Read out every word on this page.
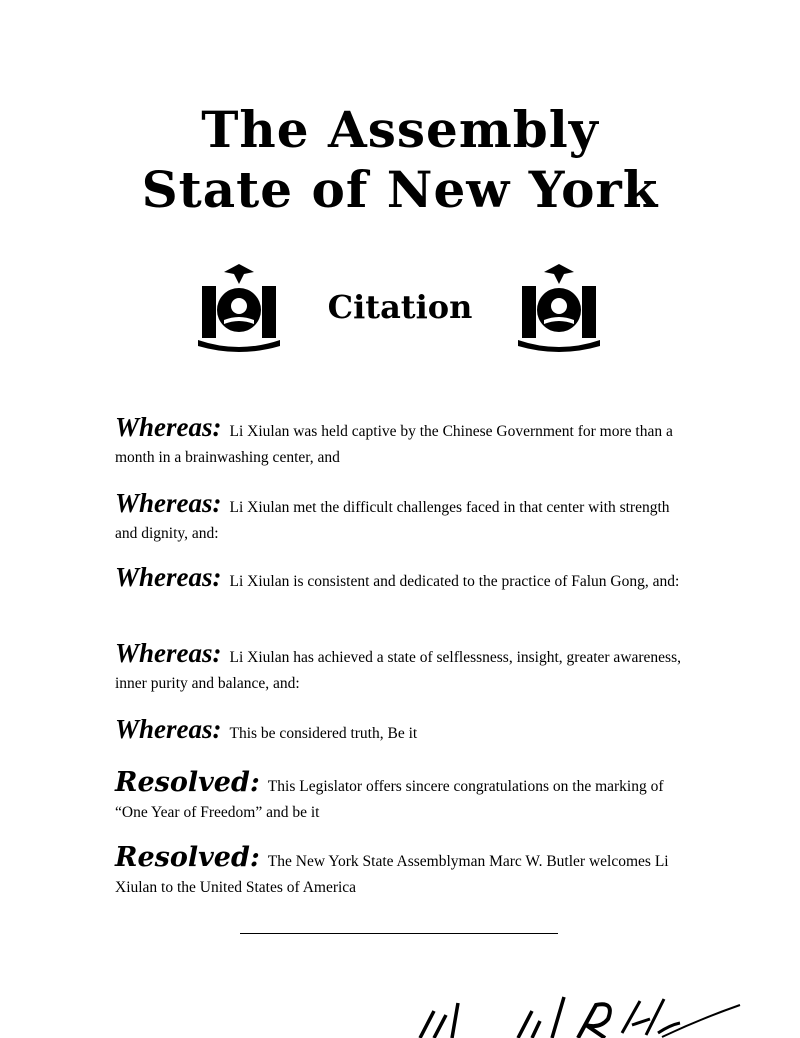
The Assembly
State of New York
Citation
Whereas: Li Xiulan was held captive by the Chinese Government for more than a month in a brainwashing center, and
Whereas: Li Xiulan met the difficult challenges faced in that center with strength and dignity, and:
Whereas: Li Xiulan is consistent and dedicated to the practice of Falun Gong, and:
Whereas: Li Xiulan has achieved a state of selflessness, insight, greater awareness, inner purity and balance, and:
Whereas: This be considered truth, Be it
Resolved: This Legislator offers sincere congratulations on the marking of “One Year of Freedom” and be it
Resolved: The New York State Assemblyman Marc W. Butler welcomes Li Xiulan to the United States of America
